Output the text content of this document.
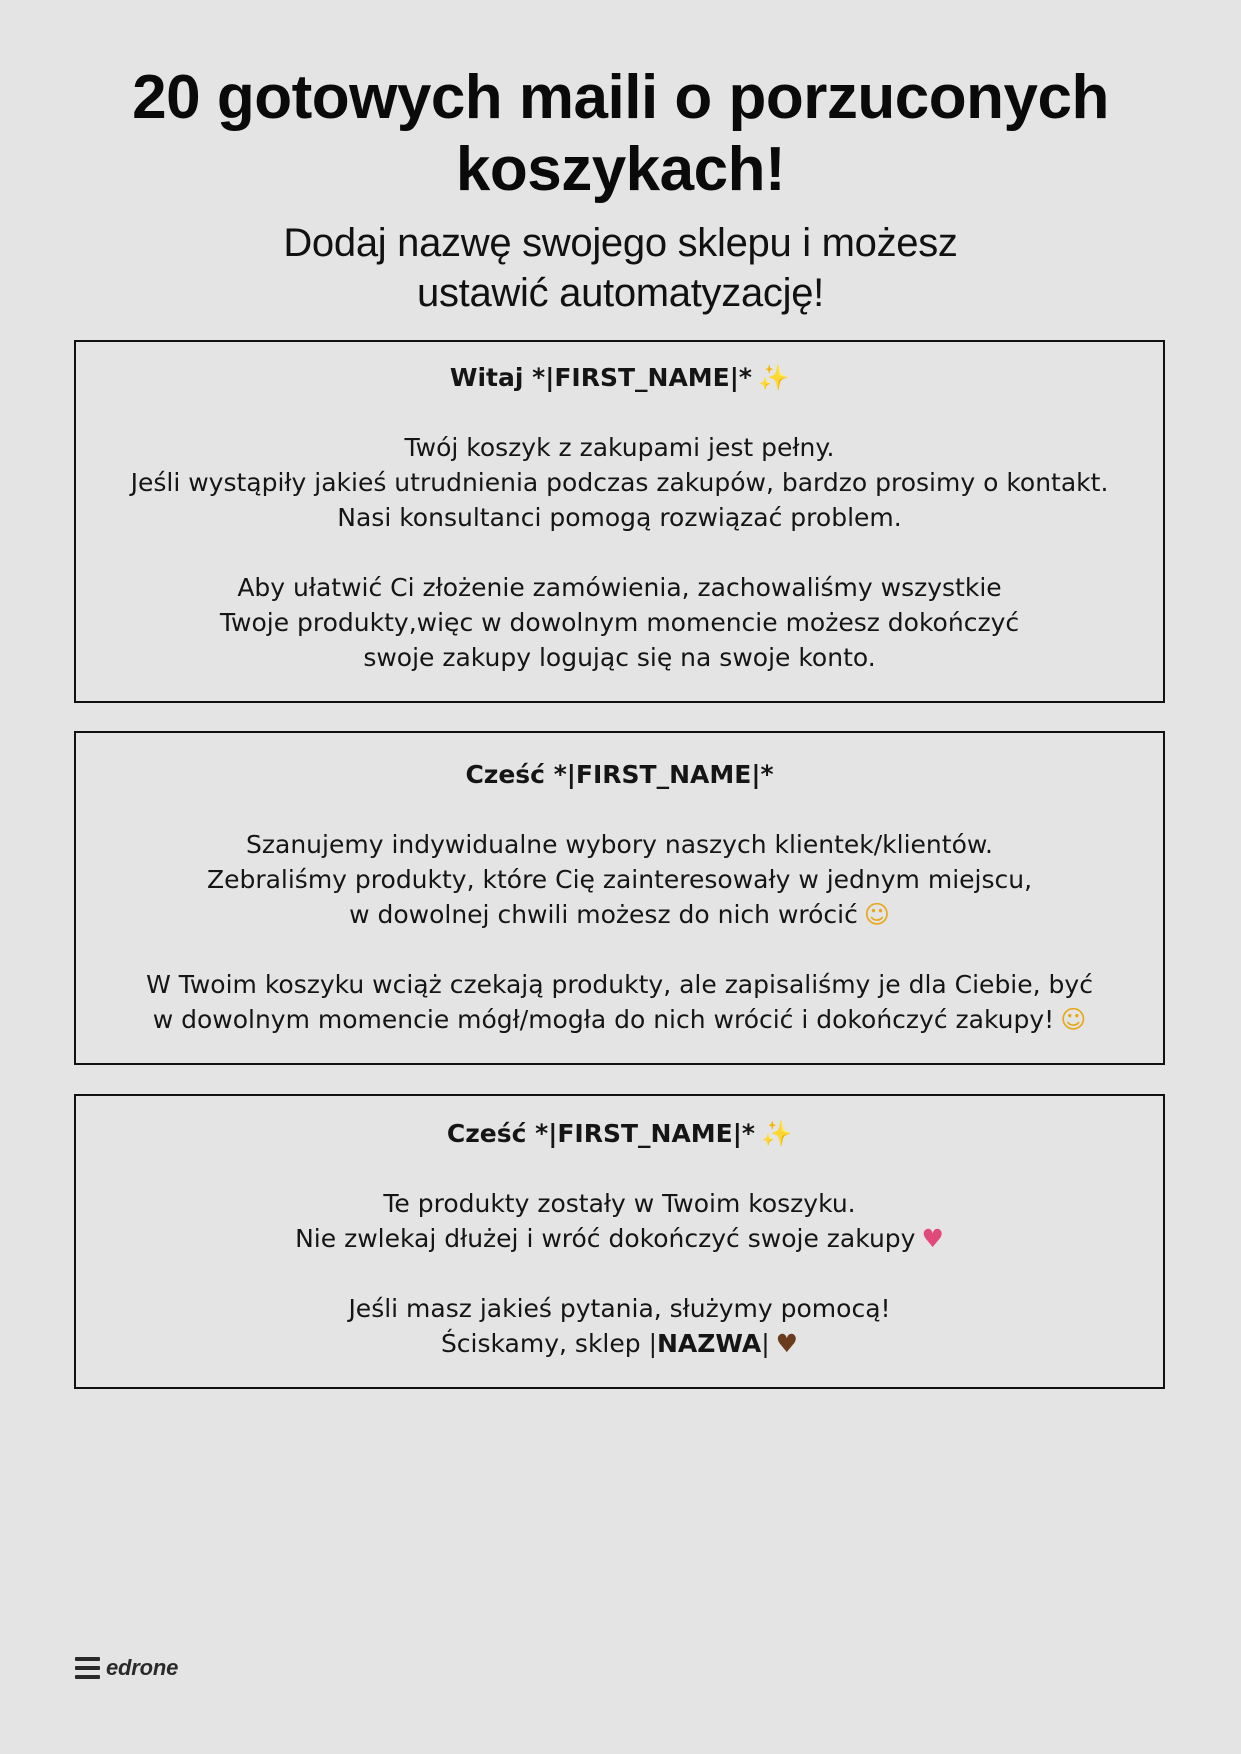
20 gotowych maili o porzuconych
koszykach!

Dodaj nazwę swojego sklepu i możesz
ustawić automatyzację!

Witaj *|FIRST_NAME|* ✨
Twój koszyk z zakupami jest pełny.
Jeśli wystąpiły jakieś utrudnienia podczas zakupów, bardzo prosimy o kontakt.
Nasi konsultanci pomogą rozwiązać problem.
Aby ułatwić Ci złożenie zamówienia, zachowaliśmy wszystkie
Twoje produkty,więc w dowolnym momencie możesz dokończyć
swoje zakupy logując się na swoje konto.
Cześć *|FIRST_NAME|*
Szanujemy indywidualne wybory naszych klientek/klientów.
Zebraliśmy produkty, które Cię zainteresowały w jednym miejscu,
w dowolnej chwili możesz do nich wrócić ☺
W Twoim koszyku wciąż czekają produkty, ale zapisaliśmy je dla Ciebie, być
w dowolnym momencie mógł/mogła do nich wrócić i dokończyć zakupy! ☺
Cześć *|FIRST_NAME|* ✨
Te produkty zostały w Twoim koszyku.
Nie zwlekaj dłużej i wróć dokończyć swoje zakupy ♥
Jeśli masz jakieś pytania, służymy pomocą!
Ściskamy, sklep |NAZWA| ♥
edrone
